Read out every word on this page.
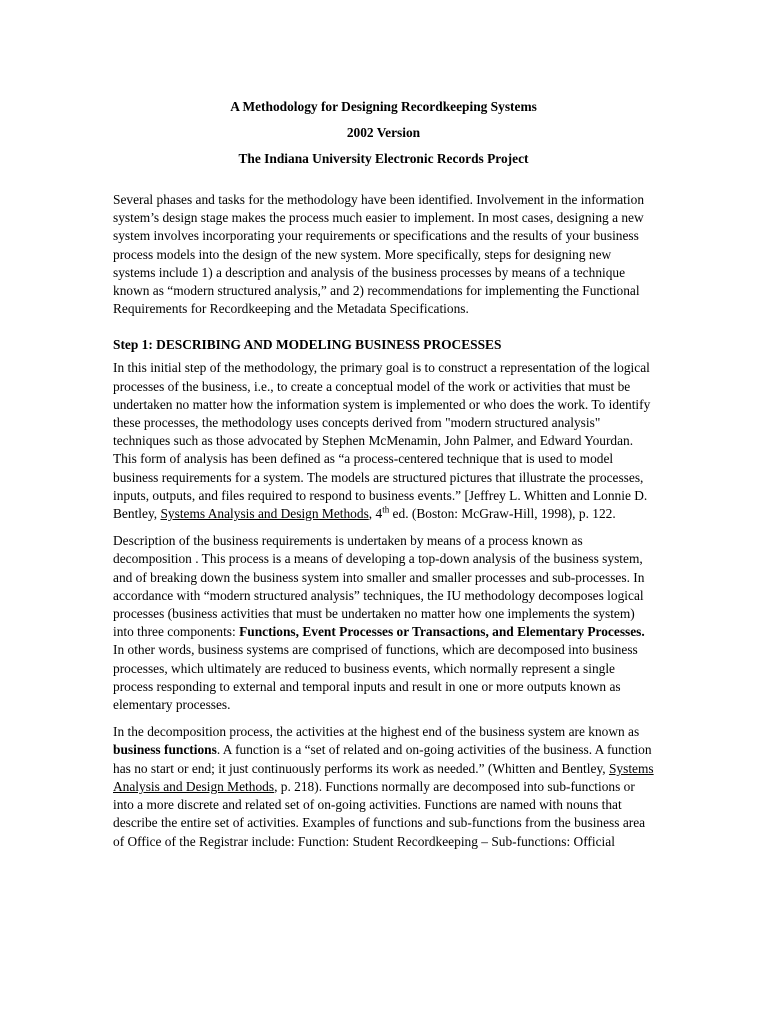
A Methodology for Designing Recordkeeping Systems
2002 Version
The Indiana University Electronic Records Project

Several phases and tasks for the methodology have been identified. Involvement in the information system’s design stage makes the process much easier to implement. In most cases, designing a new system involves incorporating your requirements or specifications and the results of your business process models into the design of the new system. More specifically, steps for designing new systems include 1) a description and analysis of the business processes by means of a technique known as “modern structured analysis,” and 2) recommendations for implementing the Functional Requirements for Recordkeeping and the Metadata Specifications.

Step 1: DESCRIBING AND MODELING BUSINESS PROCESSES

In this initial step of the methodology, the primary goal is to construct a representation of the logical processes of the business, i.e., to create a conceptual model of the work or activities that must be undertaken no matter how the information system is implemented or who does the work. To identify these processes, the methodology uses concepts derived from "modern structured analysis" techniques such as those advocated by Stephen McMenamin, John Palmer, and Edward Yourdan. This form of analysis has been defined as “a process-centered technique that is used to model business requirements for a system. The models are structured pictures that illustrate the processes, inputs, outputs, and files required to respond to business events.” [Jeffrey L. Whitten and Lonnie D. Bentley, Systems Analysis and Design Methods, 4th ed. (Boston: McGraw-Hill, 1998), p. 122.

Description of the business requirements is undertaken by means of a process known as decomposition . This process is a means of developing a top-down analysis of the business system, and of breaking down the business system into smaller and smaller processes and sub-processes. In accordance with “modern structured analysis” techniques, the IU methodology decomposes logical processes (business activities that must be undertaken no matter how one implements the system) into three components: Functions, Event Processes or Transactions, and Elementary Processes. In other words, business systems are comprised of functions, which are decomposed into business processes, which ultimately are reduced to business events, which normally represent a single process responding to external and temporal inputs and result in one or more outputs known as elementary processes.

In the decomposition process, the activities at the highest end of the business system are known as business functions. A function is a “set of related and on-going activities of the business. A function has no start or end; it just continuously performs its work as needed.” (Whitten and Bentley, Systems Analysis and Design Methods, p. 218). Functions normally are decomposed into sub-functions or into a more discrete and related set of on-going activities. Functions are named with nouns that describe the entire set of activities. Examples of functions and sub-functions from the business area of Office of the Registrar include: Function: Student Recordkeeping – Sub-functions: Official
